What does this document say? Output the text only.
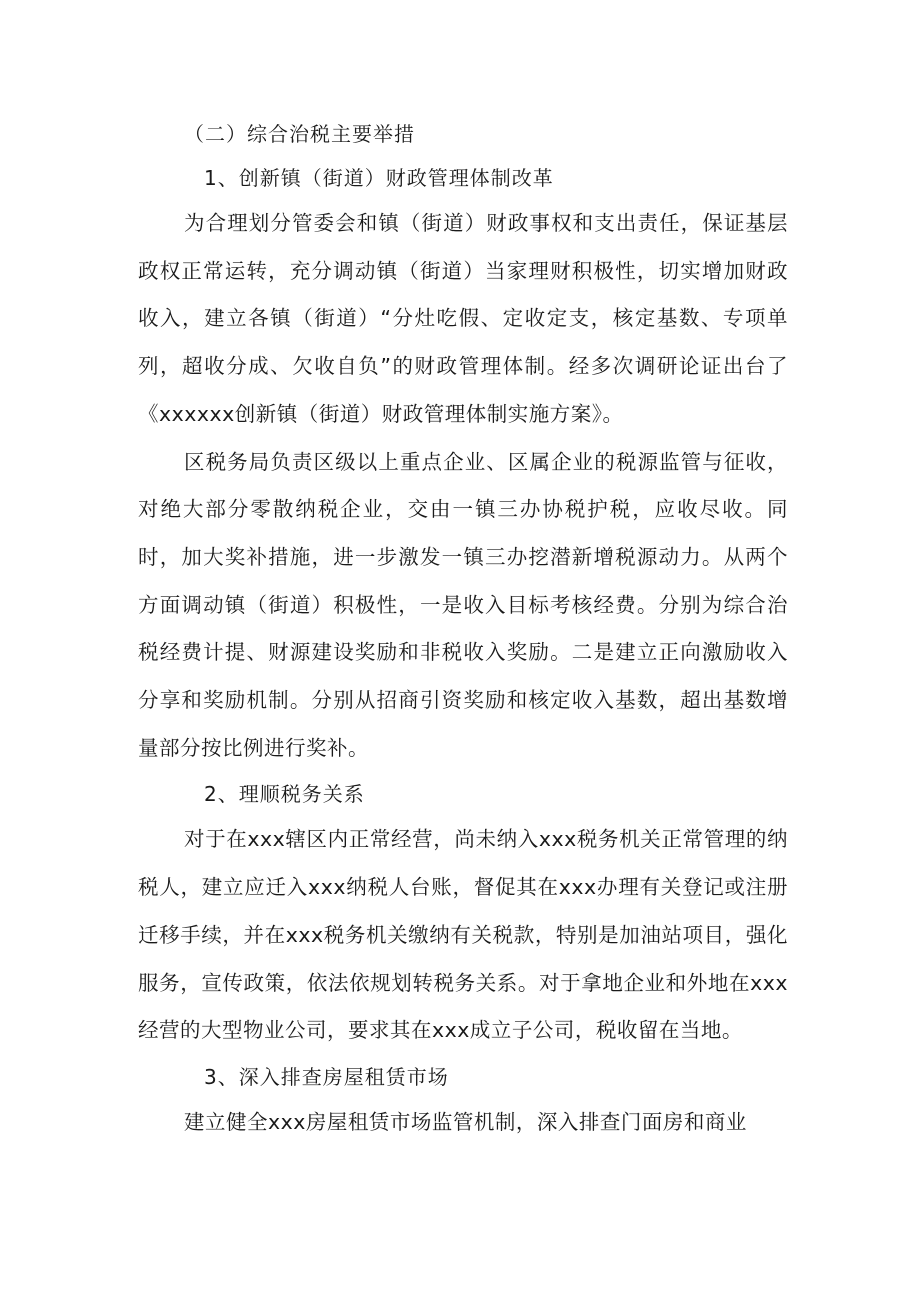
（二）综合治税主要举措
1、创新镇（街道）财政管理体制改革

为合理划分管委会和镇（街道）财政事权和支出责任，保证基层政权正常运转，充分调动镇（街道）当家理财积极性，切实增加财政收入，建立各镇（街道）“分灶吃假、定收定支，核定基数、专项单列，超收分成、欠收自负”的财政管理体制。经多次调研论证出台了《xxxxxx创新镇（街道）财政管理体制实施方案》。

区税务局负责区级以上重点企业、区属企业的税源监管与征收，对绝大部分零散纳税企业，交由一镇三办协税护税，应收尽收。同时，加大奖补措施，进一步激发一镇三办挖潜新增税源动力。从两个方面调动镇（街道）积极性，一是收入目标考核经费。分别为综合治税经费计提、财源建设奖励和非税收入奖励。二是建立正向激励收入分享和奖励机制。分别从招商引资奖励和核定收入基数，超出基数增量部分按比例进行奖补。

2、理顺税务关系

对于在xxx辖区内正常经营，尚未纳入xxx税务机关正常管理的纳税人，建立应迁入xxx纳税人台账，督促其在xxx办理有关登记或注册迁移手续，并在xxx税务机关缴纳有关税款，特别是加油站项目，强化服务，宣传政策，依法依规划转税务关系。对于拿地企业和外地在xxx经营的大型物业公司，要求其在xxx成立子公司，税收留在当地。

3、深入排查房屋租赁市场

建立健全xxx房屋租赁市场监管机制，深入排查门面房和商业
